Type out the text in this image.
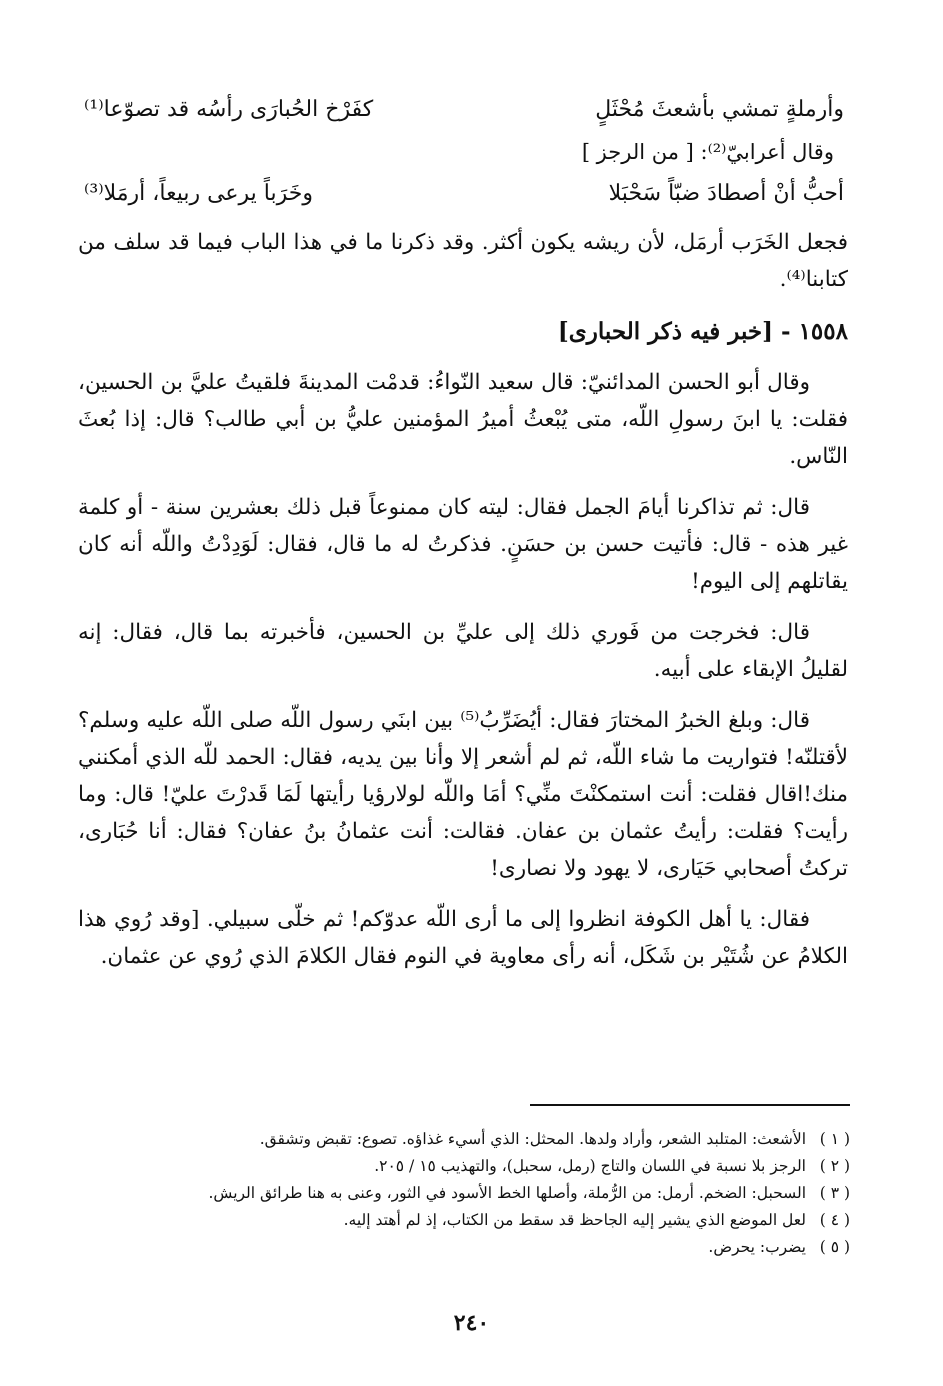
وأرملةٍ تمشي بأشعثَ مُحْثَلٍ
كفَرْخ الحُبارَى رأسُه قد تصوّعا⁽¹⁾
وقال أعرابيّ⁽²⁾: [ من الرجز ]
أحبُّ أنْ أصطادَ ضبّاً سَحْبَلا
وخَرَباً يرعى ربيعاً، أرمَلا⁽³⁾

فجعل الخَرَب أرمَل، لأن ريشه يكون أكثر. وقد ذكرنا ما في هذا الباب فيما قد سلف من كتابنا⁽⁴⁾.

١٥٥٨ - [خبر فيه ذكر الحبارى]

وقال أبو الحسن المدائنيّ: قال سعيد النّواءُ: قدمْت المدينةَ فلقيتُ عليَّ بن الحسين، فقلت: يا ابنَ رسولِ اللّه، متى يُبْعثُ أميرُ المؤمنين عليُّ بن أبي طالب؟ قال: إذا بُعثَ النّاس.

قال: ثم تذاكرنا أيامَ الجمل فقال: ليته كان ممنوعاً قبل ذلك بعشرين سنة - أو كلمة غير هذه - قال: فأتيت حسن بن حسَنٍ. فذكرتُ له ما قال، فقال: لَوَدِدْتُ واللّه أنه كان يقاتلهم إلى اليوم!

قال: فخرجت من فَوري ذلك إلى عليِّ بن الحسين، فأخبرته بما قال، فقال: إنه لقليلُ الإبقاء على أبيه.

قال: وبلغ الخبرُ المختارَ فقال: أيُضَرِّبُ⁽⁵⁾ بين ابنَي رسول اللّه صلى اللّه عليه وسلم؟ لأقتلنّه! فتواريت ما شاء اللّه، ثم لم أشعر إلا وأنا بين يديه، فقال: الحمد للّه الذي أمكنني منك!اقال فقلت: أنت استمكنْتَ منِّي؟ أمَا واللّه لولارؤيا رأيتها لَمَا قَدرْتَ عليّ! قال: وما رأيت؟ فقلت: رأيتُ عثمان بن عفان. فقالت: أنت عثمانُ بنُ عفان؟ فقال: أنا حُبَارى، تركتُ أصحابي حَيَارى، لا يهود ولا نصارى!

فقال: يا أهل الكوفة انظروا إلى ما أرى اللّه عدوّكم! ثم خلّى سبيلي. [وقد رُوي هذا الكلامُ عن شُتَيْر بن شَكَل، أنه رأى معاوية في النوم فقال الكلامَ الذي رُوي عن عثمان.

( ١ )
الأشعث: المتلبد الشعر، وأراد ولدها. المحثل: الذي أسيء غذاؤه. تصوع: تقبض وتشقق.
( ٢ )
الرجز بلا نسبة في اللسان والتاج (رمل، سحبل)، والتهذيب ١٥ / ٢٠٥.
( ٣ )
السحبل: الضخم. أرمل: من الرُّملة، وأصلها الخط الأسود في الثور، وعنى به هنا طرائق الريش.
( ٤ )
لعل الموضع الذي يشير إليه الجاحظ قد سقط من الكتاب، إذ لم أهتد إليه.
( ٥ )
يضرب: يحرض.
٢٤٠
